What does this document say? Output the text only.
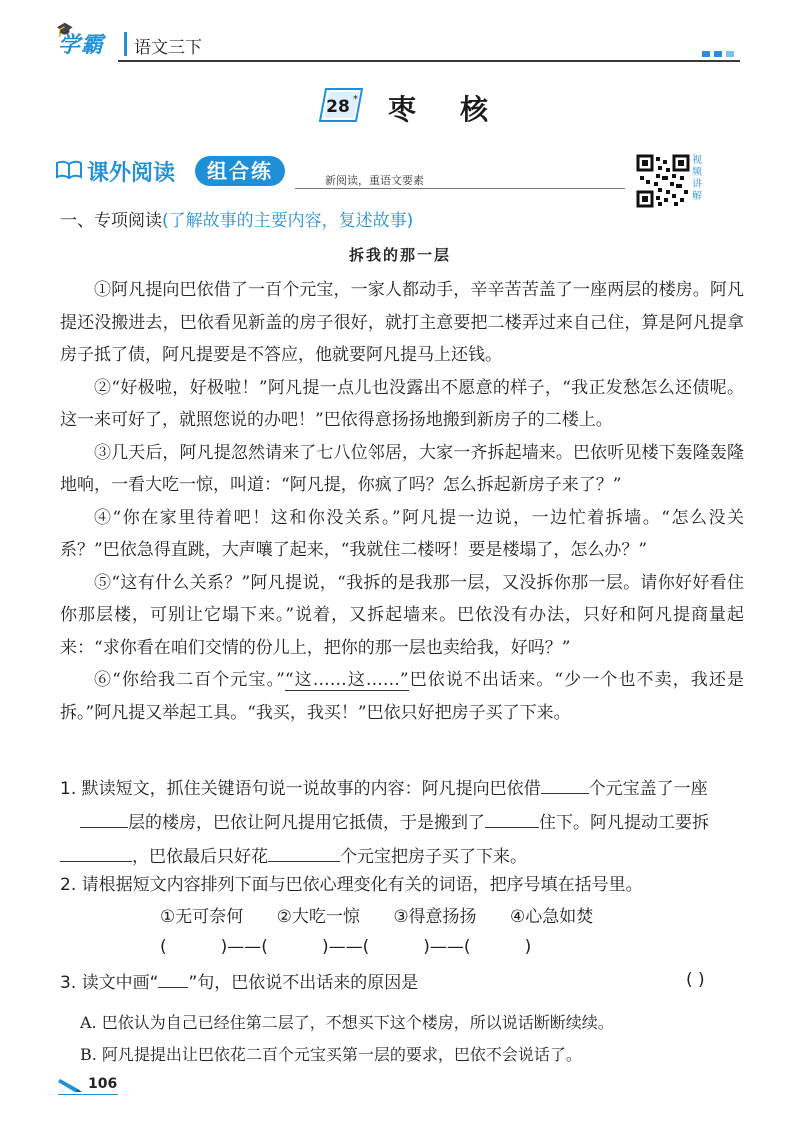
🎓
学霸 语文三下
28 * 枣核
课外阅读	组合练	新阅读，重语文要素
视频讲解
一、专项阅读(了解故事的主要内容，复述故事)
拆我的那一层

①阿凡提向巴依借了一百个元宝，一家人都动手，辛辛苦苦盖了一座两层的楼房。阿凡提还没搬进去，巴依看见新盖的房子很好，就打主意要把二楼弄过来自己住，算是阿凡提拿房子抵了债，阿凡提要是不答应，他就要阿凡提马上还钱。

②“好极啦，好极啦！”阿凡提一点儿也没露出不愿意的样子，“我正发愁怎么还债呢。这一来可好了，就照您说的办吧！”巴依得意扬扬地搬到新房子的二楼上。

③几天后，阿凡提忽然请来了七八位邻居，大家一齐拆起墙来。巴依听见楼下轰隆轰隆地响，一看大吃一惊，叫道：“阿凡提，你疯了吗？怎么拆起新房子来了？”

④“你在家里待着吧！这和你没关系。”阿凡提一边说，一边忙着拆墙。“怎么没关系？”巴依急得直跳，大声嚷了起来，“我就住二楼呀！要是楼塌了，怎么办？”

⑤“这有什么关系？”阿凡提说，“我拆的是我那一层，又没拆你那一层。请你好好看住你那层楼，可别让它塌下来。”说着，又拆起墙来。巴依没有办法，只好和阿凡提商量起来：“求你看在咱们交情的份儿上，把你的那一层也卖给我，好吗？”

⑥“你给我二百个元宝。”“这……这……”巴依说不出话来。“少一个也不卖，我还是拆。”阿凡提又举起工具。“我买，我买！”巴依只好把房子买了下来。

1. 默读短文，抓住关键语句说一说故事的内容：阿凡提向巴依借	个元宝盖了一座
层的楼房，巴依让阿凡提用它抵债，于是搬到了	住下。阿凡提动工要拆，巴依最后只好花	个元宝把房子买了下来。
2. 请根据短文内容排列下面与巴依心理变化有关的词语，把序号填在括号里。
①无可奈何 ②大吃一惊 ③得意扬扬 ④心急如焚
(          )——(          )——(          )——(          )
3. 读文中画“ ”句，巴依说不出话来的原因是	( )
A. 巴依认为自己已经住第二层了，不想买下这个楼房，所以说话断断续续。
B. 阿凡提提出让巴依花二百个元宝买第一层的要求，巴依不会说话了。
106
